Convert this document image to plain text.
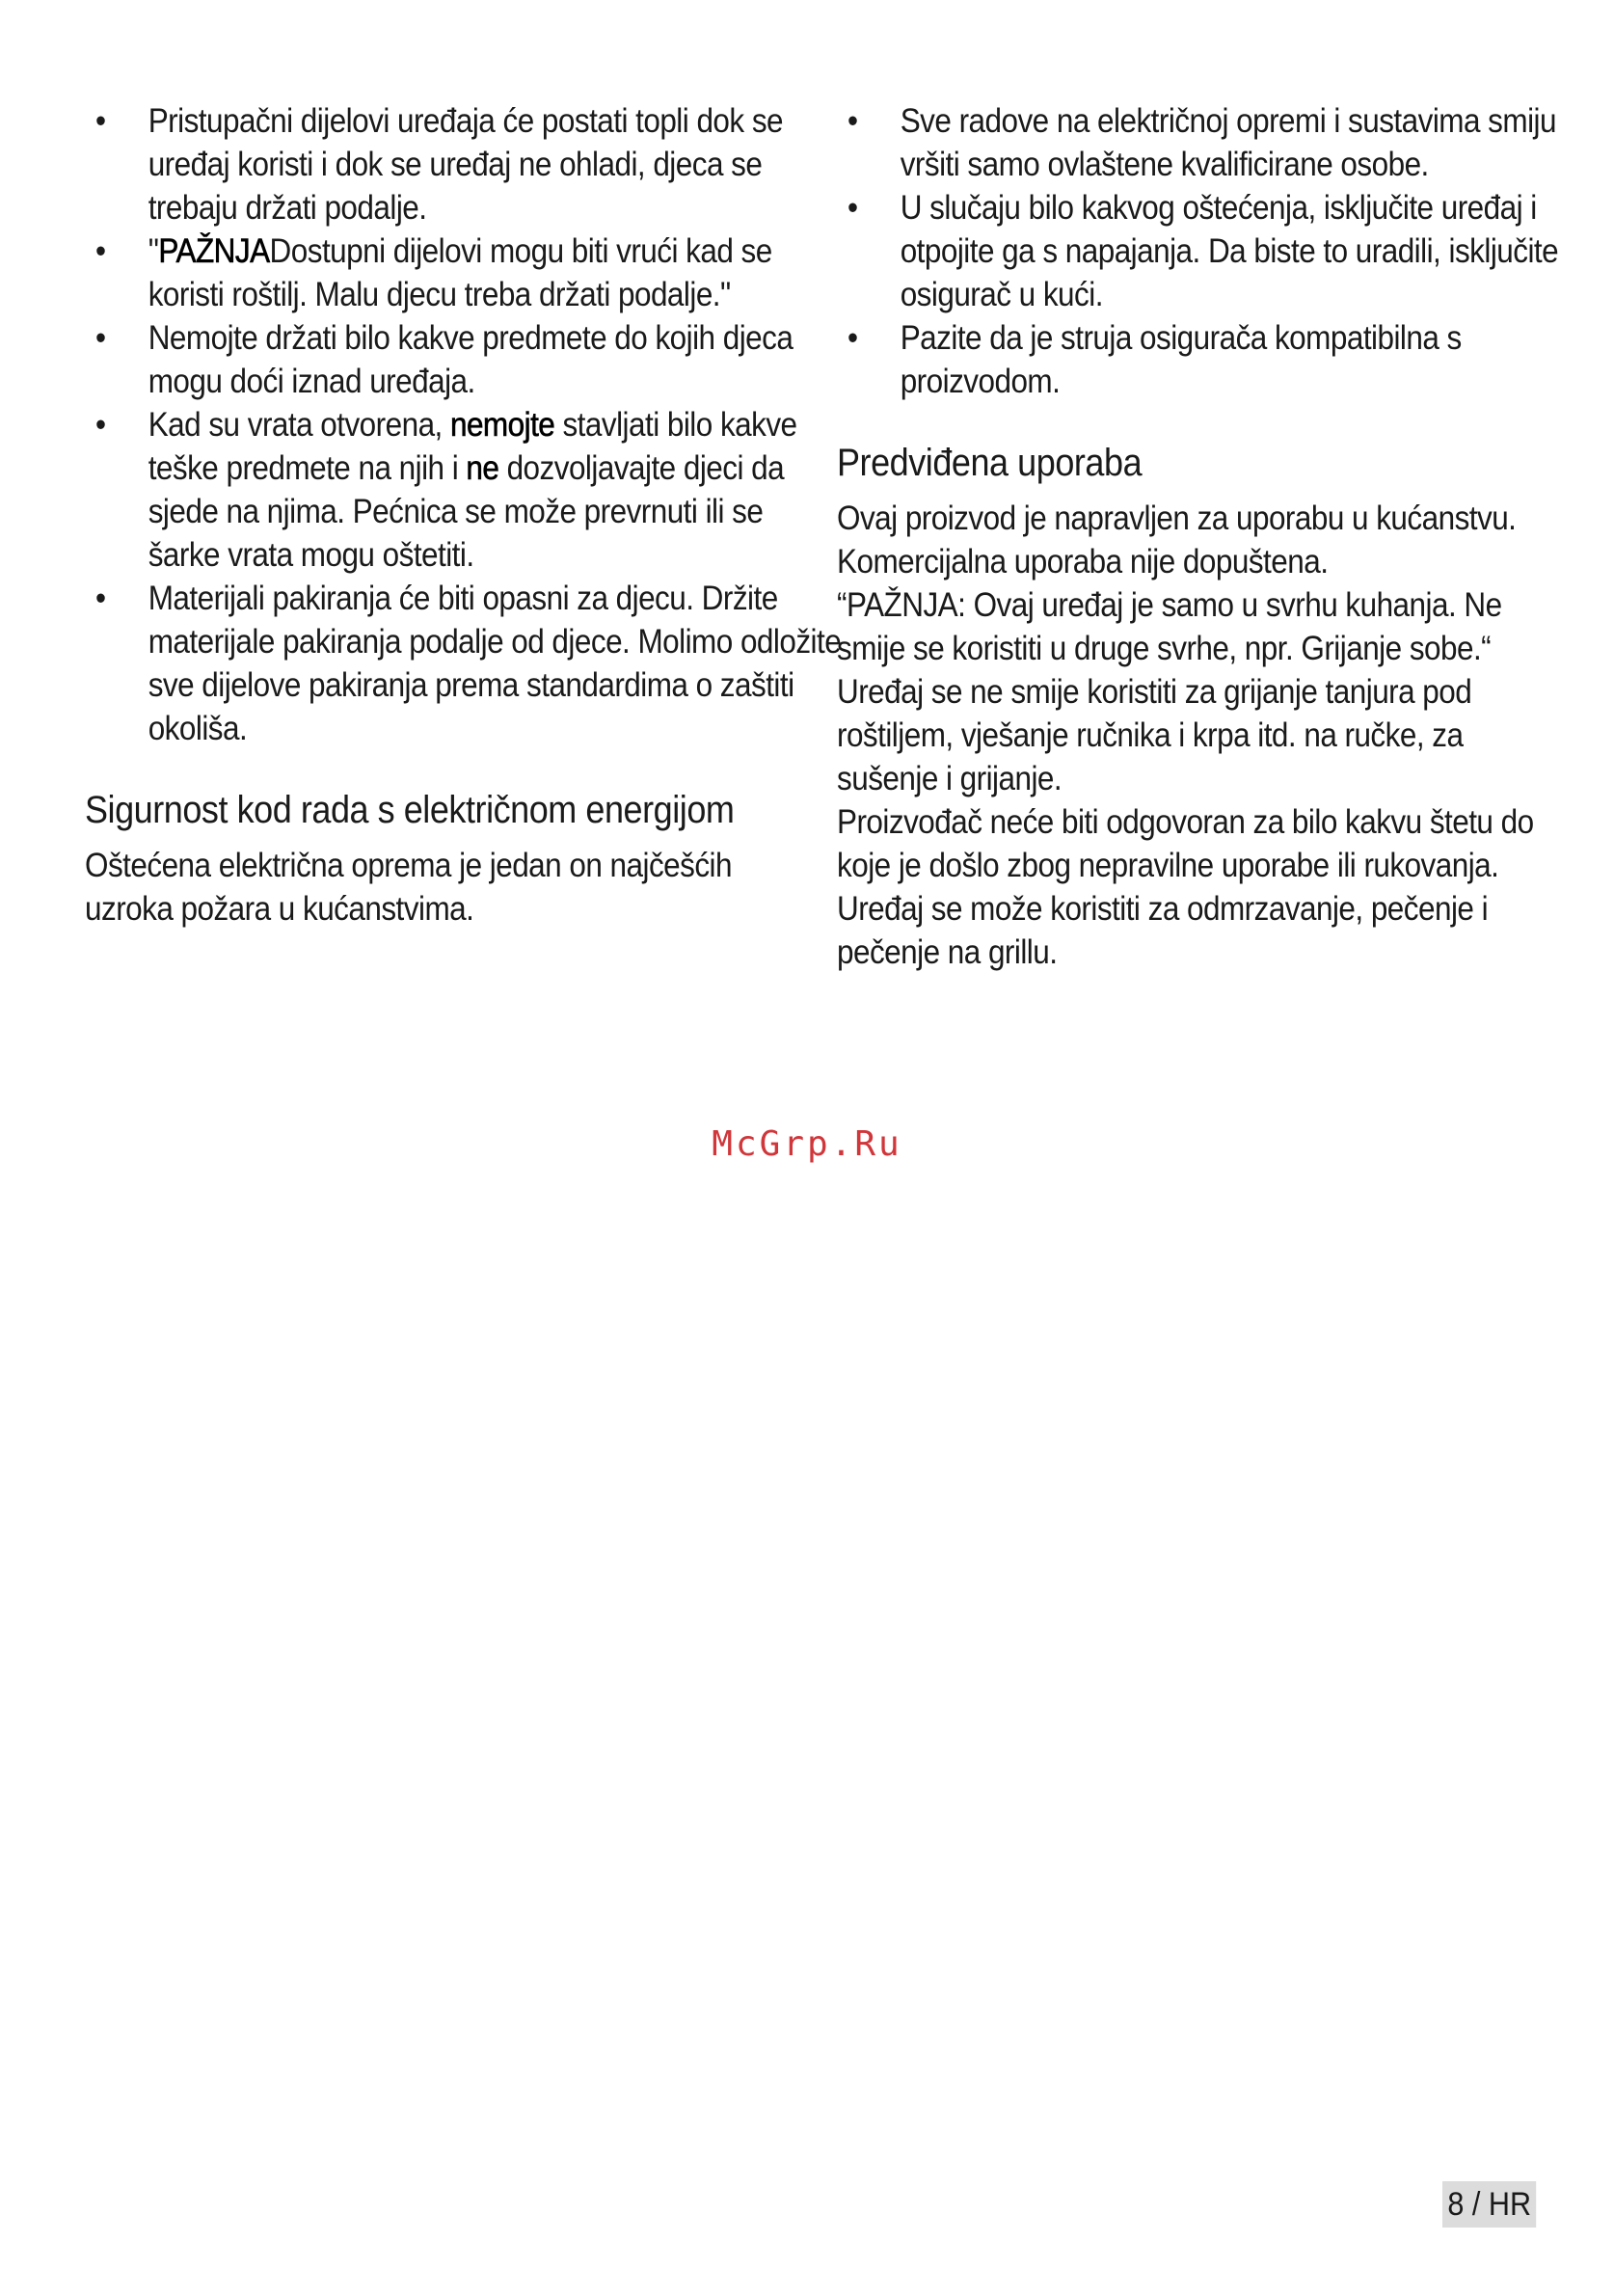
• Pristupačni dijelovi uređaja će postati topli dok se uređaj koristi i dok se uređaj ne ohladi, djeca se trebaju držati podalje.
• "PAŽNJADostupni dijelovi mogu biti vrući kad se koristi roštilj. Malu djecu treba držati podalje."
• Nemojte držati bilo kakve predmete do kojih djeca mogu doći iznad uređaja.
• Kad su vrata otvorena, nemojte stavljati bilo kakve teške predmete na njih i ne dozvoljavajte djeci da sjede na njima. Pećnica se može prevrnuti ili se šarke vrata mogu oštetiti.
• Materijali pakiranja će biti opasni za djecu. Držite materijale pakiranja podalje od djece. Molimo odložite sve dijelove pakiranja prema standardima o zaštiti okoliša.
Sigurnost kod rada s električnom energijom

Oštećena električna oprema je jedan on najčešćih uzroka požara u kućanstvima.

• Sve radove na električnoj opremi i sustavima smiju vršiti samo ovlaštene kvalificirane osobe.
• U slučaju bilo kakvog oštećenja, isključite uređaj i otpojite ga s napajanja. Da biste to uradili, isključite osigurač u kući.
• Pazite da je struja osigurača kompatibilna s proizvodom.
Predviđena uporaba

Ovaj proizvod je napravljen za uporabu u kućanstvu. Komercijalna uporaba nije dopuštena.

“PAŽNJA: Ovaj uređaj je samo u svrhu kuhanja. Ne smije se koristiti u druge svrhe, npr. Grijanje sobe.“

Uređaj se ne smije koristiti za grijanje tanjura pod roštiljem, vješanje ručnika i krpa itd. na ručke, za sušenje i grijanje.

Proizvođač neće biti odgovoran za bilo kakvu štetu do koje je došlo zbog nepravilne uporabe ili rukovanja.

Uređaj se može koristiti za odmrzavanje, pečenje i pečenje na grillu.

McGrp.Ru
8 / HR
